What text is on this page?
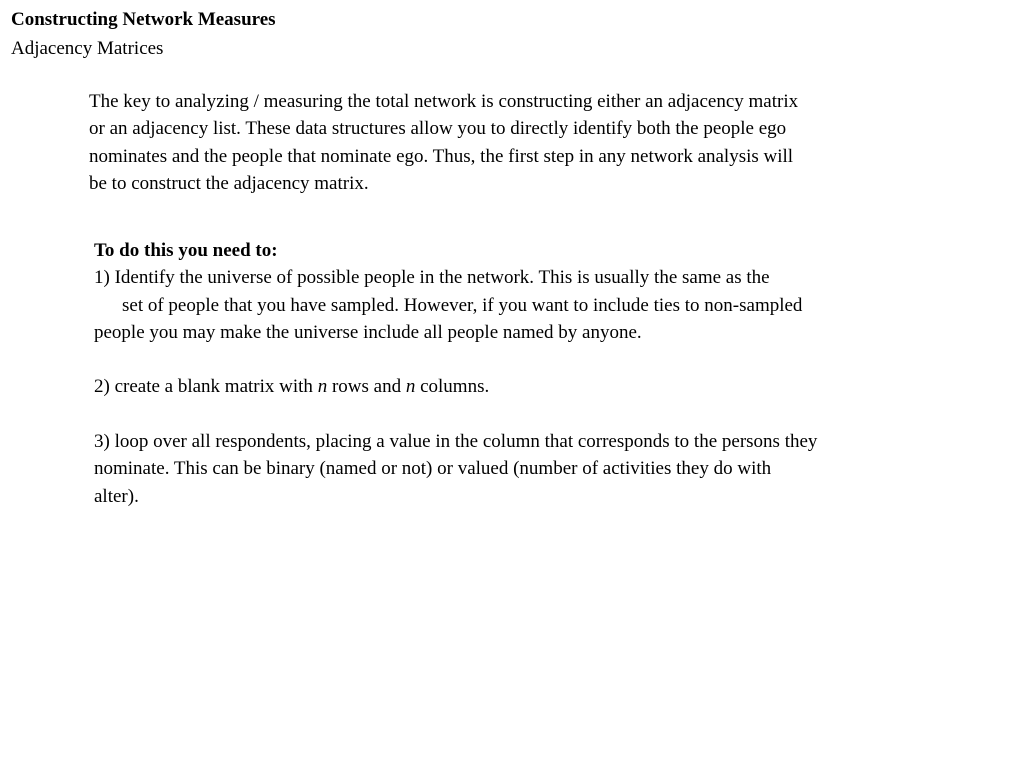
Constructing Network Measures
Adjacency Matrices
The key to analyzing / measuring the total network is constructing either an adjacency matrix
or an adjacency list. These data structures allow you to directly identify both the people ego
nominates and the people that nominate ego. Thus, the first step in any network analysis will
be to construct the adjacency matrix.
To do this you need to:
1) Identify the universe of possible people in the network. This is usually the same as the
set of people that you have sampled. However, if you want to include ties to non-sampled
people you may make the universe include all people named by anyone.
2) create a blank matrix with n rows and n columns.
3) loop over all respondents, placing a value in the column that corresponds to the persons they
nominate. This can be binary (named or not) or valued (number of activities they do with
alter).
